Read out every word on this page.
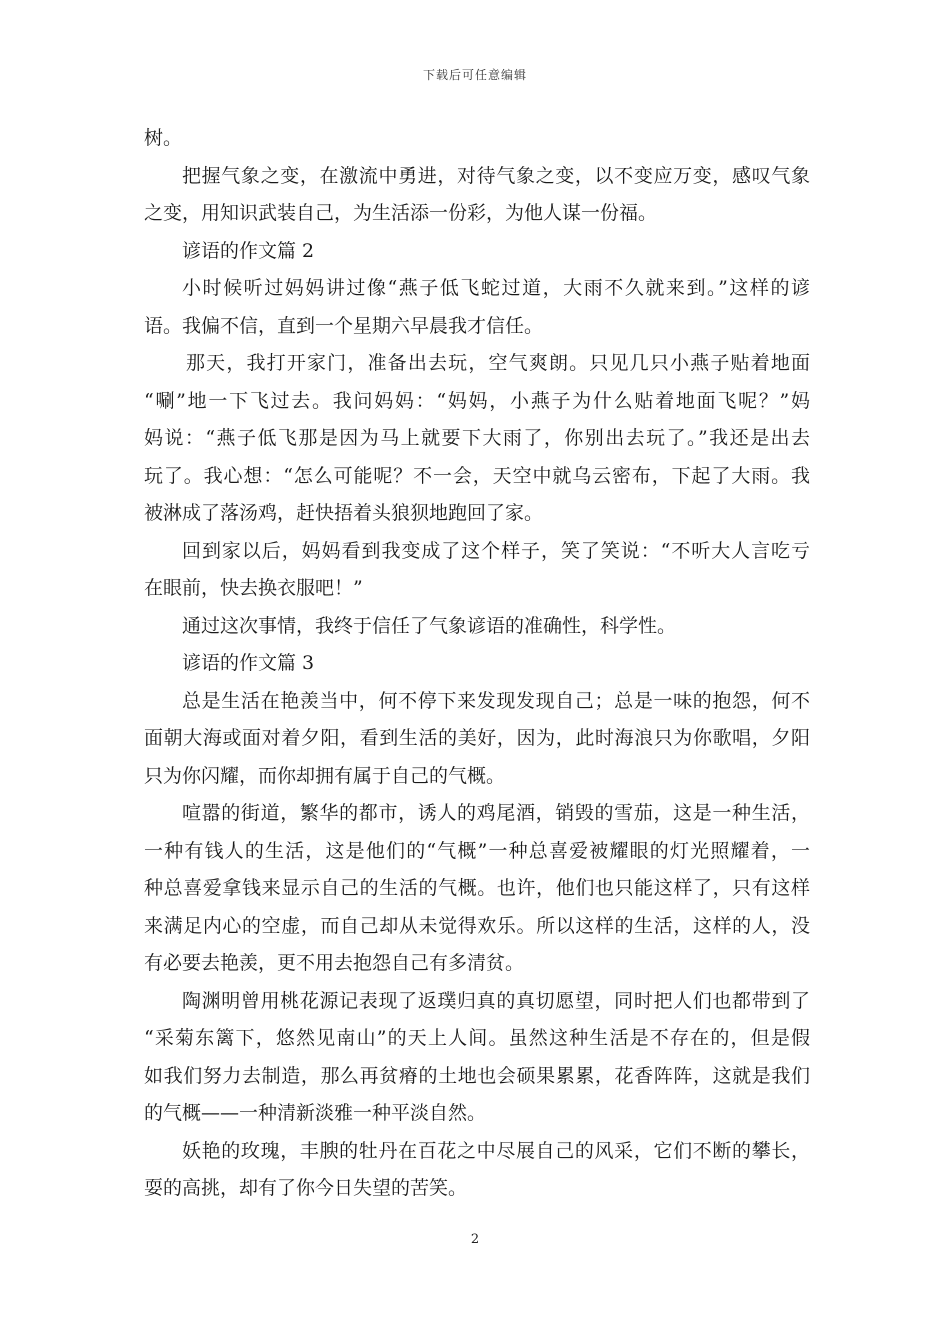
下载后可任意编辑
树。
把握气象之变，在激流中勇进，对待气象之变，以不变应万变，感叹气象
之变，用知识武装自己，为生活添一份彩，为他人谋一份福。
谚语的作文篇 2
小时候听过妈妈讲过像“燕子低飞蛇过道，大雨不久就来到。”这样的谚
语。我偏不信，直到一个星期六早晨我才信任。
那天，我打开家门，准备出去玩，空气爽朗。只见几只小燕子贴着地面
“唰”地一下飞过去。我问妈妈：“妈妈，小燕子为什么贴着地面飞呢？”妈
妈说：“燕子低飞那是因为马上就要下大雨了，你别出去玩了。”我还是出去
玩了。我心想：“怎么可能呢？不一会，天空中就乌云密布，下起了大雨。我
被淋成了落汤鸡，赶快捂着头狼狈地跑回了家。
回到家以后，妈妈看到我变成了这个样子，笑了笑说：“不听大人言吃亏
在眼前，快去换衣服吧！”
通过这次事情，我终于信任了气象谚语的准确性，科学性。
谚语的作文篇 3
总是生活在艳羡当中，何不停下来发现发现自己；总是一味的抱怨，何不
面朝大海或面对着夕阳，看到生活的美好，因为，此时海浪只为你歌唱，夕阳
只为你闪耀，而你却拥有属于自己的气概。
喧嚣的街道，繁华的都市，诱人的鸡尾酒，销毁的雪茄，这是一种生活，
一种有钱人的生活，这是他们的“气概”一种总喜爱被耀眼的灯光照耀着，一
种总喜爱拿钱来显示自己的生活的气概。也许，他们也只能这样了，只有这样
来满足内心的空虚，而自己却从未觉得欢乐。所以这样的生活，这样的人，没
有必要去艳羡，更不用去抱怨自己有多清贫。
陶渊明曾用桃花源记表现了返璞归真的真切愿望，同时把人们也都带到了
“采菊东篱下，悠然见南山”的天上人间。虽然这种生活是不存在的，但是假
如我们努力去制造，那么再贫瘠的土地也会硕果累累，花香阵阵，这就是我们
的气概——一种清新淡雅一种平淡自然。
妖艳的玫瑰，丰腴的牡丹在百花之中尽展自己的风采，它们不断的攀长，
耍的高挑，却有了你今日失望的苦笑。
2
